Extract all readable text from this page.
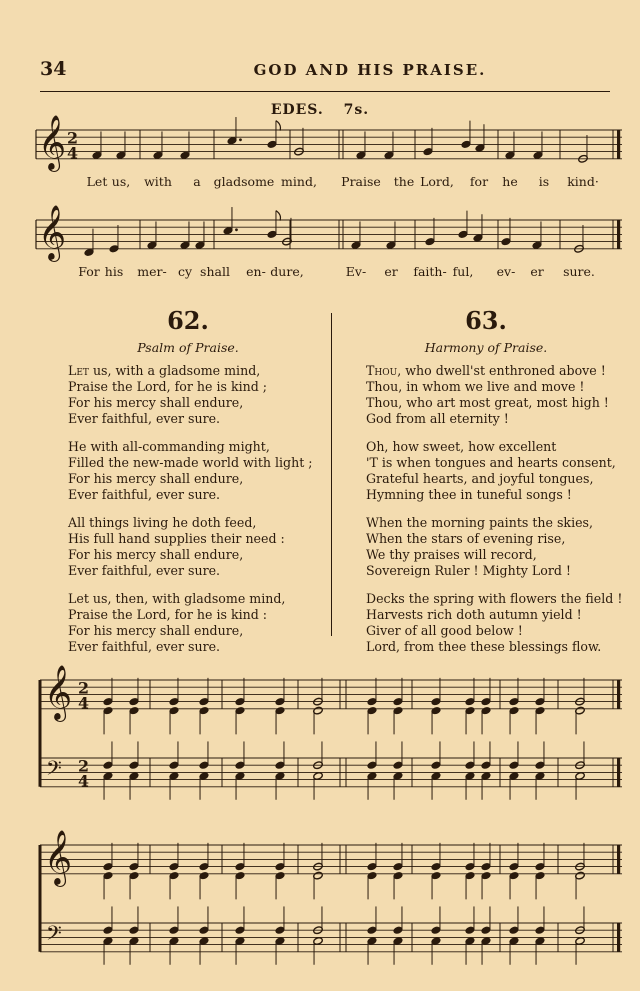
34	GOD AND HIS PRAISE.
EDES. 7s.
𝄞 2
4
Let us, with a gladsome mind, Praise the Lord, for he is kind·
𝄞
For his mer- cy shall en- dure,	Ev- er faith- ful, ev- er sure.
62.
Psalm of Praise.
Let us, with a gladsome mind,
Praise the Lord, for he is kind ;
For his mercy shall endure,
Ever faithful, ever sure.
He with all-commanding might,
Filled the new-made world with light ;
For his mercy shall endure,
Ever faithful, ever sure.
All things living he doth feed,
His full hand supplies their need :
For his mercy shall endure,
Ever faithful, ever sure.
Let us, then, with gladsome mind,
Praise the Lord, for he is kind :
For his mercy shall endure,
Ever faithful, ever sure.
63.
Harmony of Praise.
Thou, who dwell'st enthroned above !
Thou, in whom we live and move !
Thou, who art most great, most high !
God from all eternity !
Oh, how sweet, how excellent
'T is when tongues and hearts consent,
Grateful hearts, and joyful tongues,
Hymning thee in tuneful songs !
When the morning paints the skies,
When the stars of evening rise,
We thy praises will record,
Sovereign Ruler ! Mighty Lord !
Decks the spring with flowers the field !
Harvests rich doth autumn yield !
Giver of all good below !
Lord, from thee these blessings flow.
𝄞
𝄢
2
4
2
4
𝄞
𝄢
